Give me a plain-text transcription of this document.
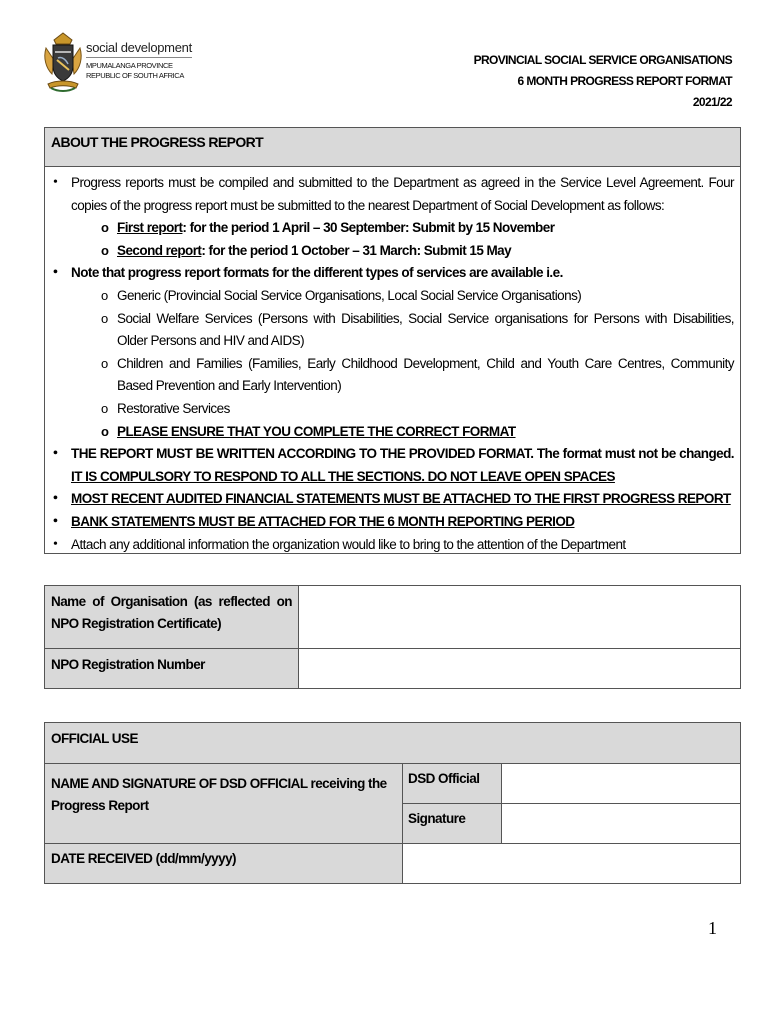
social development
MPUMALANGA PROVINCE
REPUBLIC OF SOUTH AFRICA
PROVINCIAL SOCIAL SERVICE ORGANISATIONS
6 MONTH PROGRESS REPORT FORMAT
2021/22
ABOUT THE PROGRESS REPORT
• Progress reports must be compiled and submitted to the Department as agreed in the Service Level Agreement. Four copies of the progress report must be submitted to the nearest Department of Social Development as follows:
o First report: for the period 1 April – 30 September: Submit by 15 November
o Second report: for the period 1 October – 31 March: Submit 15 May
• Note that progress report formats for the different types of services are available i.e.
o Generic (Provincial Social Service Organisations, Local Social Service Organisations)
o Social Welfare Services (Persons with Disabilities, Social Service organisations for Persons with Disabilities, Older Persons and HIV and AIDS)
o Children and Families (Families, Early Childhood Development, Child and Youth Care Centres, Community Based Prevention and Early Intervention)
o Restorative Services
o PLEASE ENSURE THAT YOU COMPLETE THE CORRECT FORMAT
• THE REPORT MUST BE WRITTEN ACCORDING TO THE PROVIDED FORMAT. The format must not be changed. IT IS COMPULSORY TO RESPOND TO ALL THE SECTIONS. DO NOT LEAVE OPEN SPACES
• MOST RECENT AUDITED FINANCIAL STATEMENTS MUST BE ATTACHED TO THE FIRST PROGRESS REPORT
• BANK STATEMENTS MUST BE ATTACHED FOR THE 6 MONTH REPORTING PERIOD
• Attach any additional information the organization would like to bring to the attention of the Department
Name of Organisation (as reflected on NPO Registration Certificate)
NPO Registration Number
OFFICIAL USE
NAME AND SIGNATURE OF DSD OFFICIAL receiving the Progress Report
DSD Official
Signature
DATE RECEIVED (dd/mm/yyyy)
1
